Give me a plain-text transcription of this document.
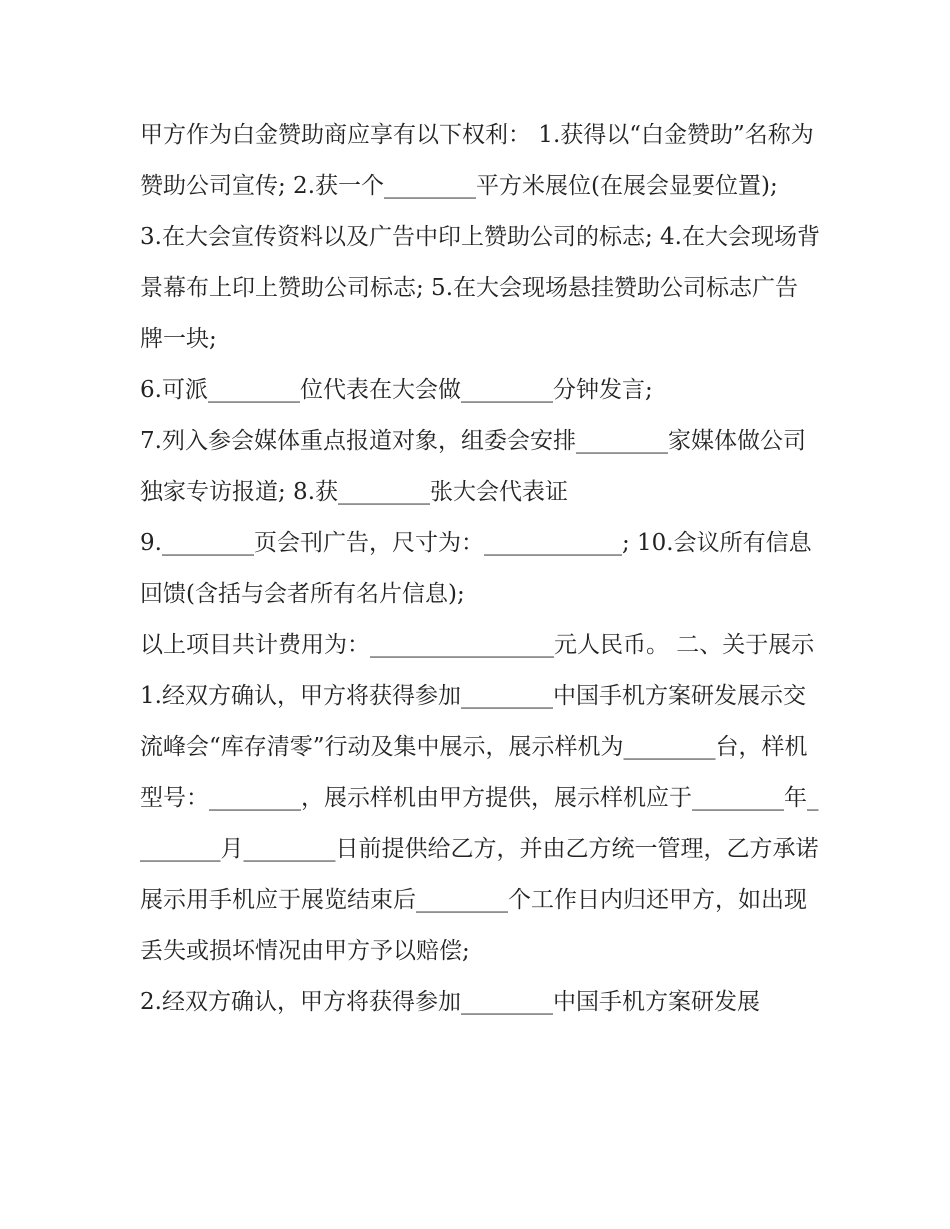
甲方作为白金赞助商应享有以下权利： 1.获得以“白金赞助”名称为赞助公司宣传; 2.获一个________平方米展位(在展会显要位置);

3.在大会宣传资料以及广告中印上赞助公司的标志; 4.在大会现场背景幕布上印上赞助公司标志; 5.在大会现场悬挂赞助公司标志广告牌一块;

6.可派________位代表在大会做________分钟发言;

7.列入参会媒体重点报道对象，组委会安排________家媒体做公司独家专访报道; 8.获________张大会代表证

9.________页会刊广告，尺寸为：____________; 10.会议所有信息回馈(含括与会者所有名片信息);

以上项目共计费用为：________________元人民币。 二、关于展示

1.经双方确认，甲方将获得参加________中国手机方案研发展示交流峰会“库存清零”行动及集中展示，展示样机为________台，样机型号：________，展示样机由甲方提供，展示样机应于________年________月________日前提供给乙方，并由乙方统一管理，乙方承诺展示用手机应于展览结束后________个工作日内归还甲方，如出现丢失或损坏情况由甲方予以赔偿;

2.经双方确认，甲方将获得参加________中国手机方案研发展
